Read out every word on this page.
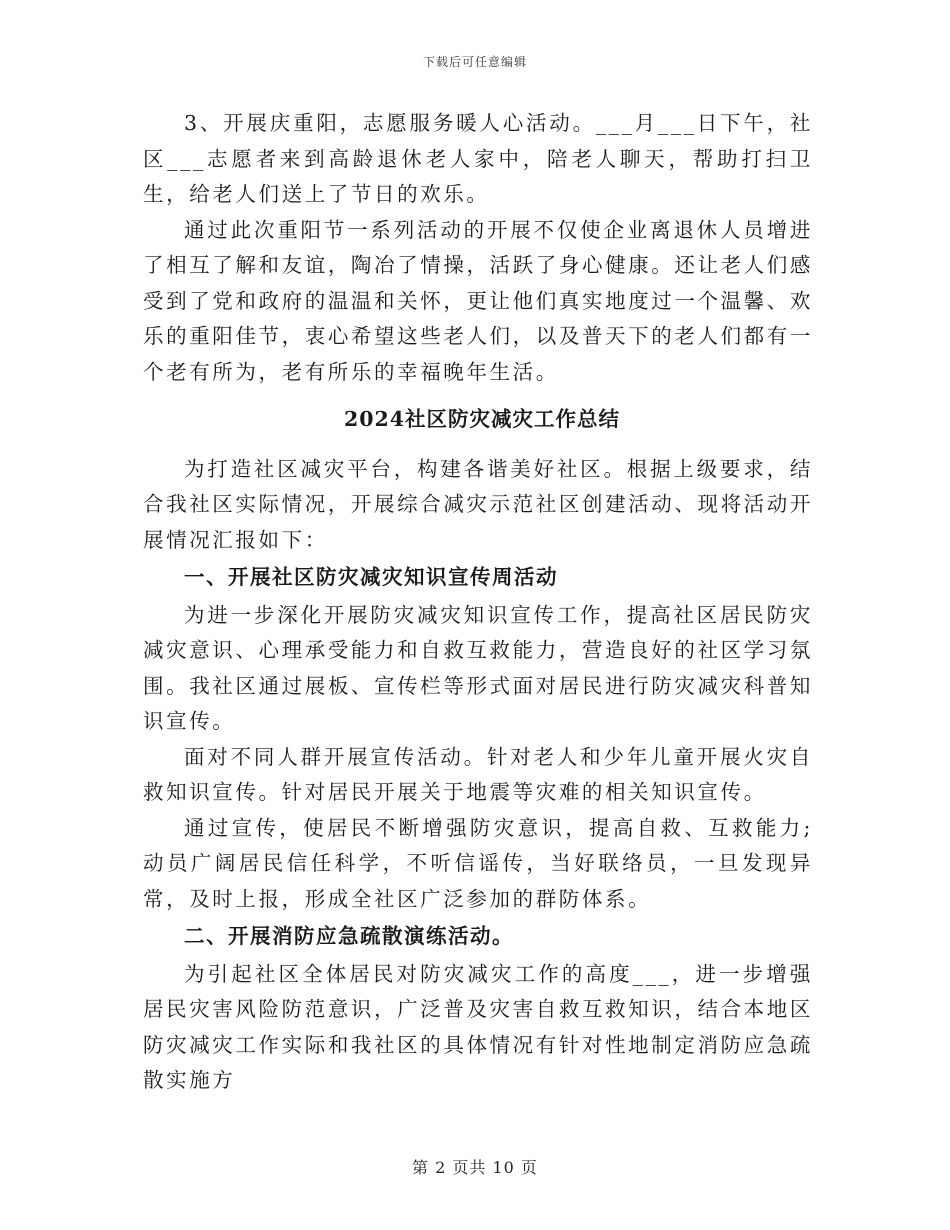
下载后可任意编辑

3、开展庆重阳，志愿服务暖人心活动。___月___日下午，社区___志愿者来到高龄退休老人家中，陪老人聊天，帮助打扫卫生，给老人们送上了节日的欢乐。

通过此次重阳节一系列活动的开展不仅使企业离退休人员增进了相互了解和友谊，陶冶了情操，活跃了身心健康。还让老人们感受到了党和政府的温温和关怀，更让他们真实地度过一个温馨、欢乐的重阳佳节，衷心希望这些老人们，以及普天下的老人们都有一个老有所为，老有所乐的幸福晚年生活。

2024社区防灾减灾工作总结

为打造社区减灾平台，构建各谐美好社区。根据上级要求，结合我社区实际情况，开展综合减灾示范社区创建活动、现将活动开展情况汇报如下：

一、开展社区防灾减灾知识宣传周活动

为进一步深化开展防灾减灾知识宣传工作，提高社区居民防灾减灾意识、心理承受能力和自救互救能力，营造良好的社区学习氛围。我社区通过展板、宣传栏等形式面对居民进行防灾减灾科普知识宣传。

面对不同人群开展宣传活动。针对老人和少年儿童开展火灾自救知识宣传。针对居民开展关于地震等灾难的相关知识宣传。

通过宣传，使居民不断增强防灾意识，提高自救、互救能力;动员广阔居民信任科学，不听信谣传，当好联络员，一旦发现异常，及时上报，形成全社区广泛参加的群防体系。

二、开展消防应急疏散演练活动。

为引起社区全体居民对防灾减灾工作的高度___，进一步增强居民灾害风险防范意识，广泛普及灾害自救互救知识，结合本地区防灾减灾工作实际和我社区的具体情况有针对性地制定消防应急疏散实施方

第 2 页共 10 页
